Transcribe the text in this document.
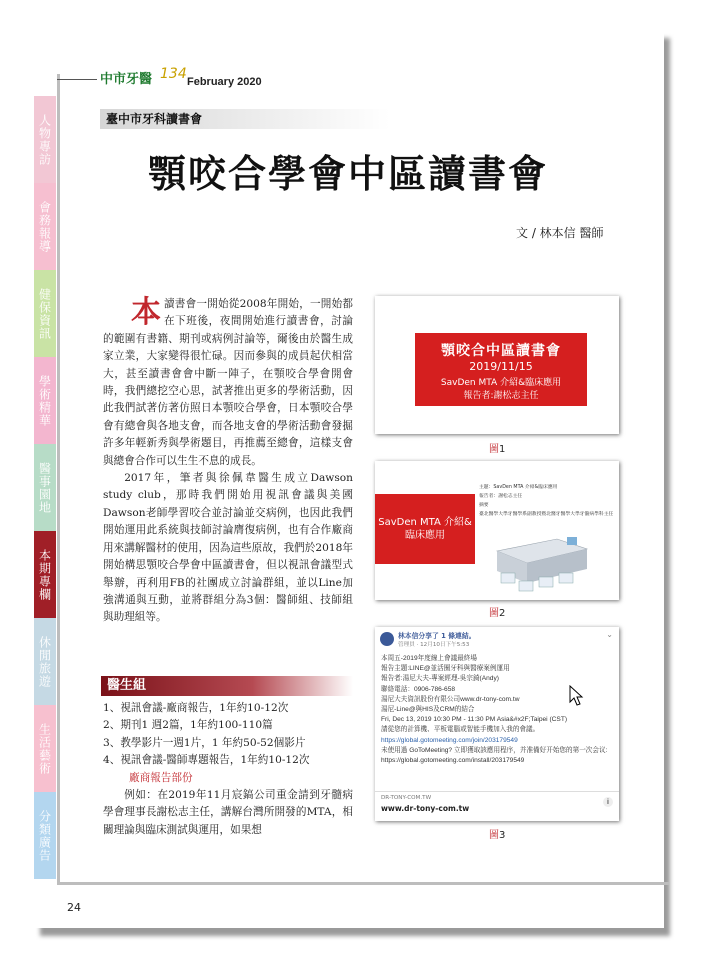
中市牙醫 134 February 2020
臺中市牙科讀書會
顎咬合學會中區讀書會
文 / 林本信 醫師
人物專訪
會務報導
健保資訊
學術精華
醫事園地
本期專欄
休閒旅遊
生活藝術
分類廣告

本讀書會一開始從2008年開始，一開始都在下班後，夜間開始進行讀書會，討論的範圍有書籍、期刊或病例討論等，爾後由於醫生成家立業，大家變得很忙碌。因而參與的成員起伏相當大，甚至讀書會會中斷一陣子，在顎咬合學會開會時，我們總挖空心思，試著推出更多的學術活動，因此我們試著仿著仿照日本顎咬合學會，日本顎咬合學會有總會與各地支會，而各地支會的學術活動會發掘許多年輕新秀與學術題目，再推薦至總會，這樣支會與總會合作可以生生不息的成長。

2017年，筆者與徐佩韋醫生成立Dawson study club，那時我們開始用視訊會議與美國Dawson老師學習咬合並討論並交病例，也因此我們開始運用此系統與技師討論膺復病例，也有合作廠商用來講解醫材的使用，因為這些原故，我們於2018年開始構思顎咬合學會中區讀書會，但以視訊會議型式舉辦，再利用FB的社團成立討論群組，並以Line加強溝通與互動，並將群組分為3個：醫師組、技師組與助理組等。

醫生組
1、視訊會議-廠商報告，1年約10-12次
2、期刊1 週2篇，1年約100-110篇
3、教學影片一週1片，1 年約50-52個影片
4、視訊會議-醫師專題報告，1年約10-12次
廠商報告部份
例如：在2019年11月宸鎬公司重金請到牙髓病學會理事長謝松志主任，講解台灣所開發的MTA，相關理論與臨床測試與運用，如果想
顎咬合中區讀書會
2019/11/15
SavDen MTA 介紹&臨床應用
報告者:謝松志主任
圖1
SavDen MTA 介紹&臨床應用
主題：SavDen MTA 介紹&臨床應用
報告者：謝松志主任
摘要
臺北醫學大學牙醫學系副教授暨北醫牙醫學大學牙髓病學科主任
圖2
林本信分享了 1 條連結。
管理員 · 12月10日下午5:53
⌄
本周五-2019年度線上會議最終場
報告主題:LINE@並活圈牙科與醫療案例運用
報告者:湯尼大夫-專案經理-吳宗錡(Andy)
聯絡電話：0906-786-658
湯尼大夫資訊股份有限公司www.dr-tony-com.tw
湯尼-Line@與HIS及CRM的結合
Fri, Dec 13, 2019 10:30 PM - 11:30 PM Asia&#x2F;Taipei (CST)
請從您的計算機、平板電腦或智能手機加入我的會議。
https://global.gotomeeting.com/join/203179549
未使用過 GoToMeeting? 立即獲取該應用程序，并准備好开始您的第一次会议: https://global.gotomeeting.com/install/203179549
DR-TONY-COM.TW
www.dr-tony-com.tw
i
圖3
24
